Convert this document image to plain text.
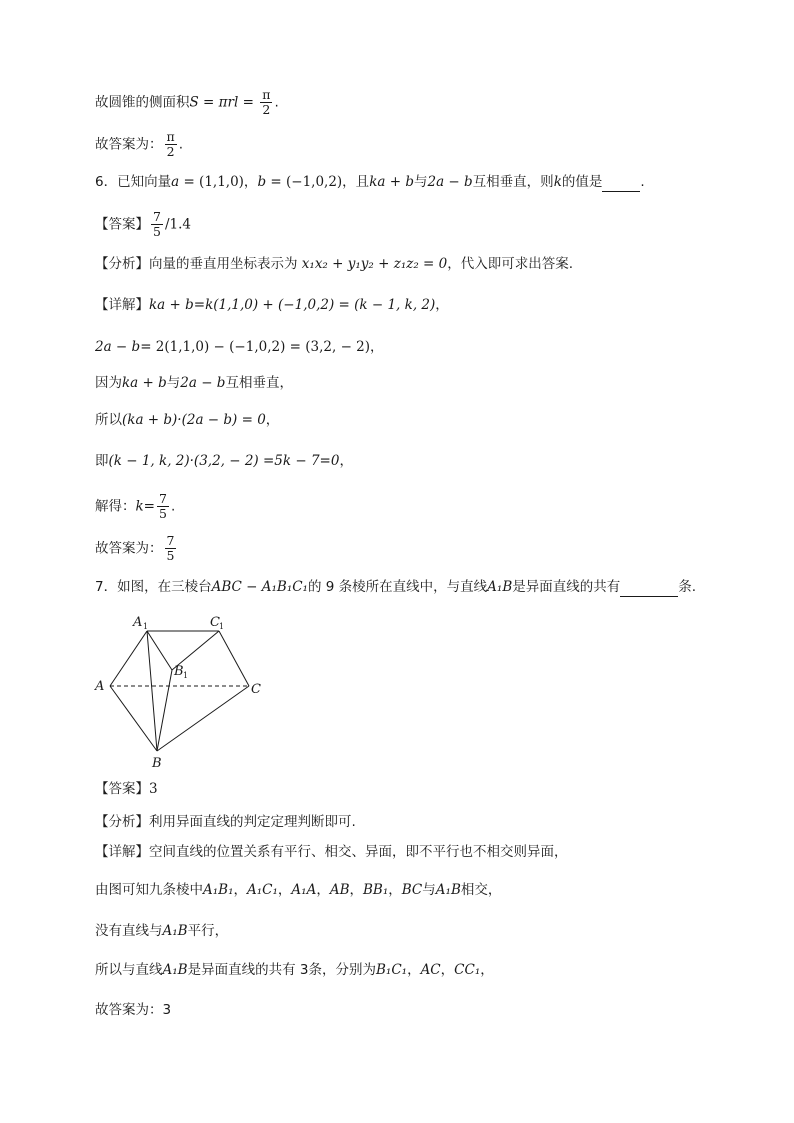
故圆锥的侧面积$S = \pi rl = \frac{\pi}{2}$ .
故答案为： $\frac{\pi}{2}$ .
6．已知向量a = (1,1,0)，b = (−1,0,2)，且ka + b与2a − b互相垂直，则k的值是	.
【答案】 $\frac{7}{5} /1.4$
【分析】向量的垂直用坐标表示为 x₁x₂ + y₁y₂ + z₁z₂ = 0，代入即可求出答案.
【详解】ka + b=k(1,1,0) + (−1,0,2) = (k − 1, k, 2)，
2a − b= 2(1,1,0) − (−1,0,2) = (3,2, − 2)，
因为ka + b与2a − b互相垂直，
所以(ka + b)·(2a − b) = 0，
即(k − 1, k, 2)·(3,2, − 2) =5k − 7=0，
解得：$k= \frac{7}{5}$ .
故答案为： $\frac{7}{5}$
7．如图，在三棱台ABC − A₁B₁C₁的 9 条棱所在直线中，与直线A₁B是异面直线的共有	条.
A 1	C 1
B 1
A	C
B
【答案】3
【分析】利用异面直线的判定定理判断即可.
【详解】空间直线的位置关系有平行、相交、异面，即不平行也不相交则异面，
由图可知九条棱中A₁B₁，A₁C₁，A₁A，AB，BB₁，BC与A₁B相交，
没有直线与A₁B平行，
所以与直线A₁B是异面直线的共有 3条，分别为B₁C₁，AC，CC₁，
故答案为：3
